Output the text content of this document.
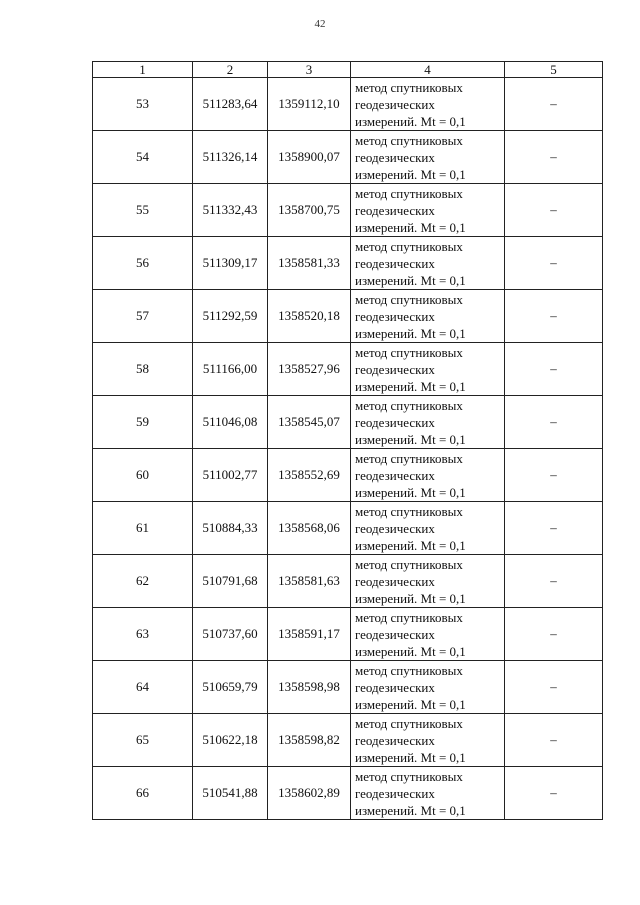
42
1	2	3	4	5
53	511283,64	1359112,10	метод спутниковых
геодезических
измерений. Mt = 0,1	–
54	511326,14	1358900,07	метод спутниковых
геодезических
измерений. Mt = 0,1	–
55	511332,43	1358700,75	метод спутниковых
геодезических
измерений. Mt = 0,1	–
56	511309,17	1358581,33	метод спутниковых
геодезических
измерений. Mt = 0,1	–
57	511292,59	1358520,18	метод спутниковых
геодезических
измерений. Mt = 0,1	–
58	511166,00	1358527,96	метод спутниковых
геодезических
измерений. Mt = 0,1	–
59	511046,08	1358545,07	метод спутниковых
геодезических
измерений. Mt = 0,1	–
60	511002,77	1358552,69	метод спутниковых
геодезических
измерений. Mt = 0,1	–
61	510884,33	1358568,06	метод спутниковых
геодезических
измерений. Mt = 0,1	–
62	510791,68	1358581,63	метод спутниковых
геодезических
измерений. Mt = 0,1	–
63	510737,60	1358591,17	метод спутниковых
геодезических
измерений. Mt = 0,1	–
64	510659,79	1358598,98	метод спутниковых
геодезических
измерений. Mt = 0,1	–
65	510622,18	1358598,82	метод спутниковых
геодезических
измерений. Mt = 0,1	–
66	510541,88	1358602,89	метод спутниковых
геодезических
измерений. Mt = 0,1	–
